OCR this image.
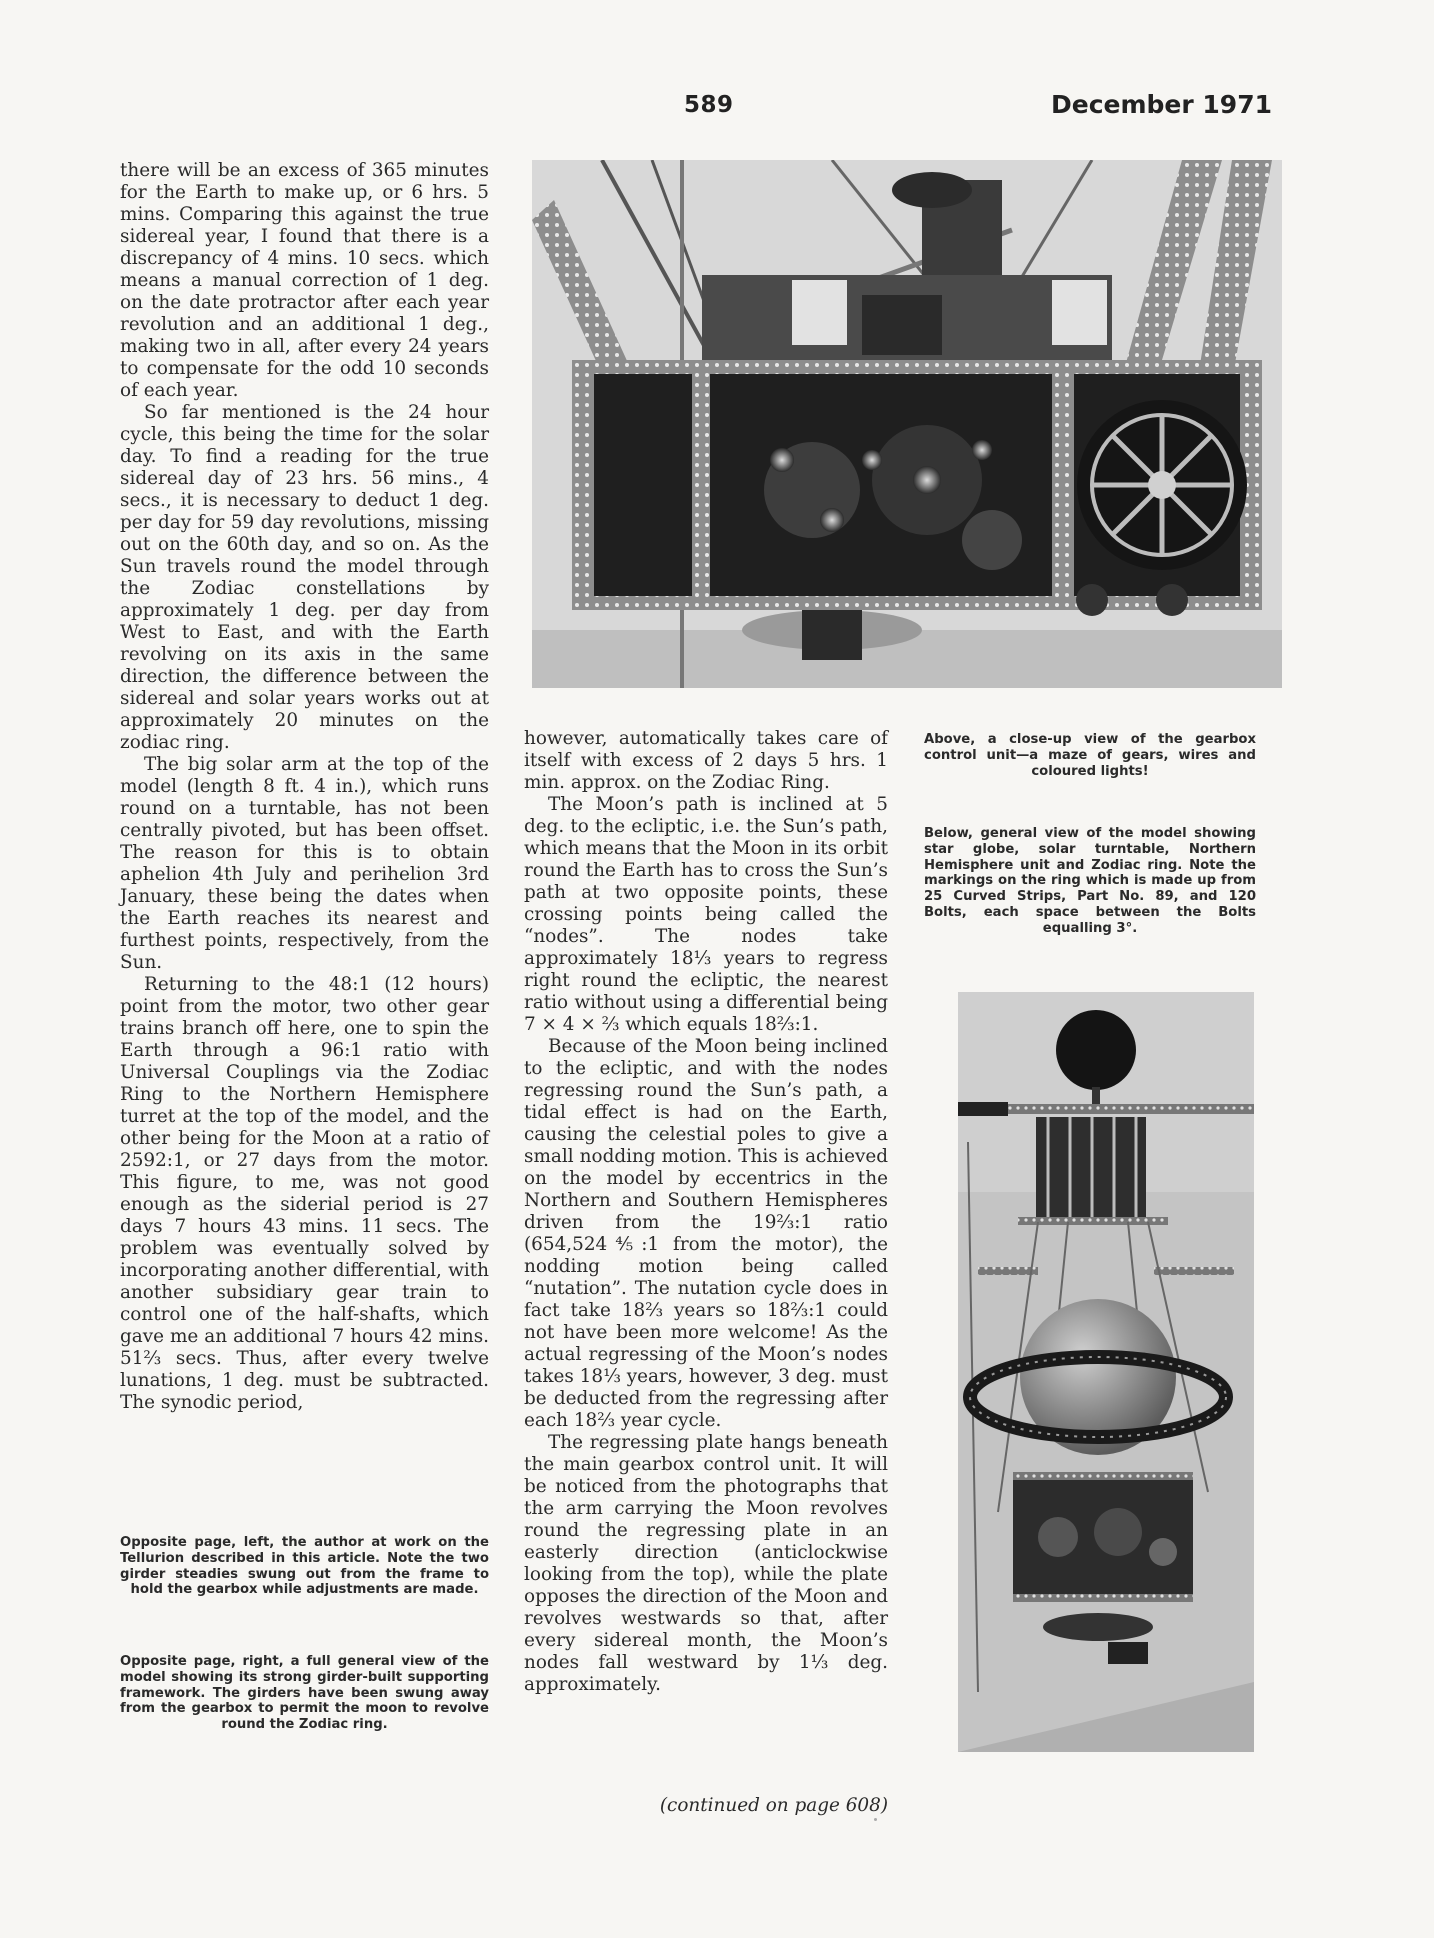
589	December 1971

there will be an excess of 365 minutes for the Earth to make up, or 6 hrs. 5 mins. Comparing this against the true sidereal year, I found that there is a discrepancy of 4 mins. 10 secs. which means a manual correction of 1 deg. on the date protractor after each year revolution and an additional 1 deg., making two in all, after every 24 years to compensate for the odd 10 seconds of each year.

So far mentioned is the 24 hour cycle, this being the time for the solar day. To find a reading for the true sidereal day of 23 hrs. 56 mins., 4 secs., it is necessary to deduct 1 deg. per day for 59 day revolutions, missing out on the 60th day, and so on. As the Sun travels round the model through the Zodiac constellations by approximately 1 deg. per day from West to East, and with the Earth revolving on its axis in the same direction, the difference between the sidereal and solar years works out at approximately 20 minutes on the zodiac ring.

The big solar arm at the top of the model (length 8 ft. 4 in.), which runs round on a turntable, has not been centrally pivoted, but has been offset. The reason for this is to obtain aphelion 4th July and perihelion 3rd January, these being the dates when the Earth reaches its nearest and furthest points, respectively, from the Sun.

Returning to the 48:1 (12 hours) point from the motor, two other gear trains branch off here, one to spin the Earth through a 96:1 ratio with Universal Couplings via the Zodiac Ring to the Northern Hemisphere turret at the top of the model, and the other being for the Moon at a ratio of 2592:1, or 27 days from the motor. This figure, to me, was not good enough as the siderial period is 27 days 7 hours 43 mins. 11 secs. The problem was eventually solved by incorporating another differential, with another subsidiary gear train to control one of the half-shafts, which gave me an additional 7 hours 42 mins. 51⅔ secs. Thus, after every twelve lunations, 1 deg. must be subtracted. The synodic period,

Opposite page, left, the author at work on the Tellurion described in this article. Note the two girder steadies swung out from the frame to hold the gearbox while adjustments are made.
Opposite page, right, a full general view of the model showing its strong girder-built supporting framework. The girders have been swung away from the gearbox to permit the moon to revolve round the Zodiac ring.
Above, a close-up view of the gearbox control unit—a maze of gears, wires and coloured lights!
Below, general view of the model showing star globe, solar turntable, Northern Hemisphere unit and Zodiac ring. Note the markings on the ring which is made up from 25 Curved Strips, Part No. 89, and 120 Bolts, each space between the Bolts equalling 3°.

however, automatically takes care of itself with excess of 2 days 5 hrs. 1 min. approx. on the Zodiac Ring.

The Moon’s path is inclined at 5 deg. to the ecliptic, i.e. the Sun’s path, which means that the Moon in its orbit round the Earth has to cross the Sun’s path at two opposite points, these crossing points being called the “nodes”. The nodes take approximately 18⅓ years to regress right round the ecliptic, the nearest ratio without using a differential being 7 × 4 × ⅔ which equals 18⅔:1.

Because of the Moon being inclined to the ecliptic, and with the nodes regressing round the Sun’s path, a tidal effect is had on the Earth, causing the celestial poles to give a small nodding motion. This is achieved on the model by eccentrics in the Northern and Southern Hemispheres driven from the 19⅔:1 ratio (654,524⅘:1 from the motor), the nodding motion being called “nutation”. The nutation cycle does in fact take 18⅔ years so 18⅔:1 could not have been more welcome! As the actual regressing of the Moon’s nodes takes 18⅓ years, however, 3 deg. must be deducted from the regressing after each 18⅔ year cycle.

The regressing plate hangs beneath the main gearbox control unit. It will be noticed from the photographs that the arm carrying the Moon revolves round the regressing plate in an easterly direction (anticlockwise looking from the top), while the plate opposes the direction of the Moon and revolves westwards so that, after every sidereal month, the Moon’s nodes fall westward by 1⅓ deg. approximately.

(continued on page 608)
